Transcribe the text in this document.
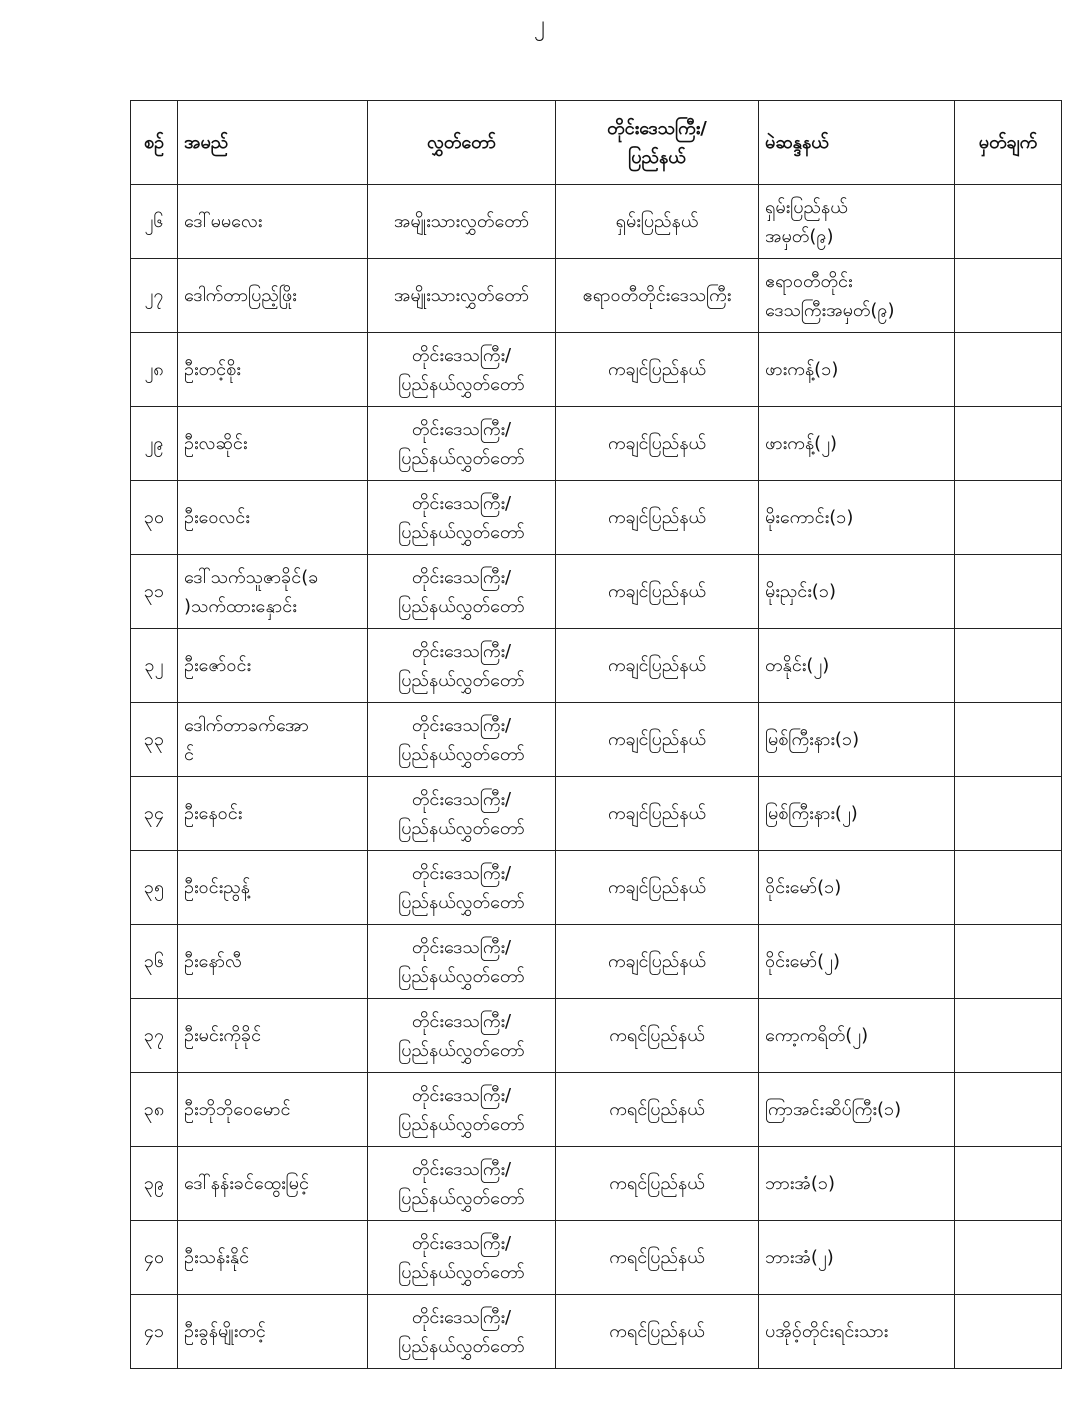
၂
စဉ်	အမည်	လွှတ်တော်	တိုင်းဒေသကြီး/
ပြည်နယ်	မဲဆန္ဒနယ်	မှတ်ချက်
၂၆	ဒေါ်မမလေး	အမျိုးသားလွှတ်တော်	ရှမ်းပြည်နယ်	ရှမ်းပြည်နယ်
အမှတ်(၉)	

၂၇	ဒေါက်တာပြည့်ဖြိုး	အမျိုးသားလွှတ်တော်	ဧရာဝတီတိုင်းဒေသကြီး	ဧရာဝတီတိုင်း
ဒေသကြီးအမှတ်(၉)	

၂၈	ဦးတင့်စိုး	တိုင်းဒေသကြီး/
ပြည်နယ်လွှတ်တော်	ကချင်ပြည်နယ်	ဖားကန့်(၁)	

၂၉	ဦးလဆိုင်း	တိုင်းဒေသကြီး/
ပြည်နယ်လွှတ်တော်	ကချင်ပြည်နယ်	ဖားကန့်(၂)	

၃၀	ဦးဝေလင်း	တိုင်းဒေသကြီး/
ပြည်နယ်လွှတ်တော်	ကချင်ပြည်နယ်	မိုးကောင်း(၁)	

၃၁	ဒေါ်သက်သူဇာခိုင်(ခ
)သက်ထားနှောင်း	တိုင်းဒေသကြီး/
ပြည်နယ်လွှတ်တော်	ကချင်ပြည်နယ်	မိုးညှင်း(၁)	

၃၂	ဦးဇော်ဝင်း	တိုင်းဒေသကြီး/
ပြည်နယ်လွှတ်တော်	ကချင်ပြည်နယ်	တနိုင်း(၂)	

၃၃	ဒေါက်တာခက်အော
င်	တိုင်းဒေသကြီး/
ပြည်နယ်လွှတ်တော်	ကချင်ပြည်နယ်	မြစ်ကြီးနား(၁)	

၃၄	ဦးနေဝင်း	တိုင်းဒေသကြီး/
ပြည်နယ်လွှတ်တော်	ကချင်ပြည်နယ်	မြစ်ကြီးနား(၂)	

၃၅	ဦးဝင်းညွန့်	တိုင်းဒေသကြီး/
ပြည်နယ်လွှတ်တော်	ကချင်ပြည်နယ်	ဝိုင်းမော်(၁)	

၃၆	ဦးနော်လီ	တိုင်းဒေသကြီး/
ပြည်နယ်လွှတ်တော်	ကချင်ပြည်နယ်	ဝိုင်းမော်(၂)	

၃၇	ဦးမင်းကိုခိုင်	တိုင်းဒေသကြီး/
ပြည်နယ်လွှတ်တော်	ကရင်ပြည်နယ်	ကော့ကရိတ်(၂)	

၃၈	ဦးဘိုဘိုဝေမောင်	တိုင်းဒေသကြီး/
ပြည်နယ်လွှတ်တော်	ကရင်ပြည်နယ်	ကြာအင်းဆိပ်ကြီး(၁)	

၃၉	ဒေါ်နန်းခင်ထွေးမြင့်	တိုင်းဒေသကြီး/
ပြည်နယ်လွှတ်တော်	ကရင်ပြည်နယ်	ဘားအံ(၁)	

၄၀	ဦးသန်းနိုင်	တိုင်းဒေသကြီး/
ပြည်နယ်လွှတ်တော်	ကရင်ပြည်နယ်	ဘားအံ(၂)	

၄၁	ဦးခွန်မျိုးတင့်	တိုင်းဒေသကြီး/
ပြည်နယ်လွှတ်တော်	ကရင်ပြည်နယ်	ပအိုဝ့်တိုင်းရင်းသား	
